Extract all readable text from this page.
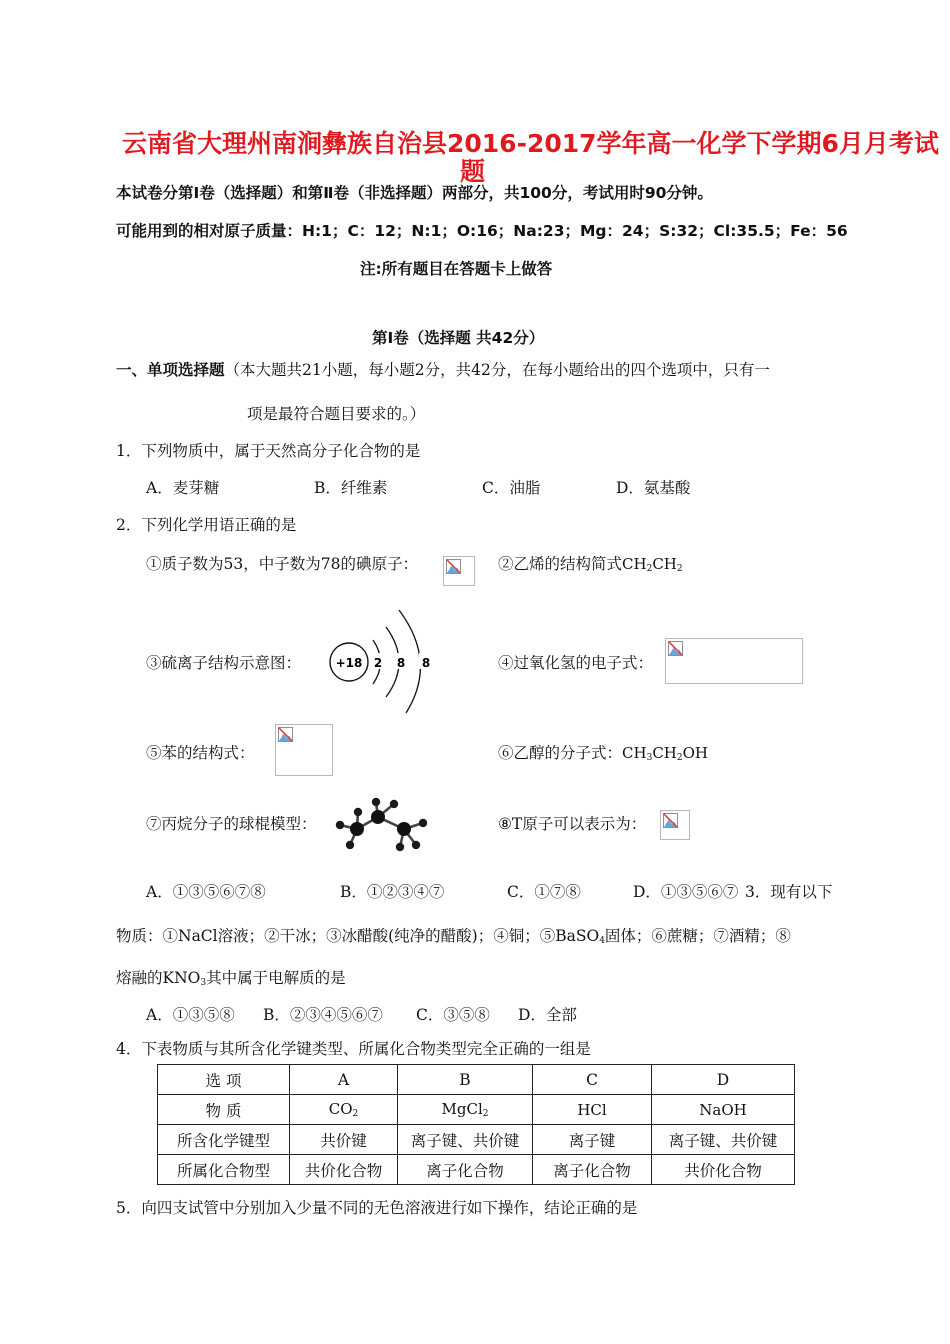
云南省大理州南涧彝族自治县2016-2017学年高一化学下学期6月月考试
题
本试卷分第Ⅰ卷（选择题）和第Ⅱ卷（非选择题）两部分，共100分，考试用时90分钟。
可能用到的相对原子质量：H:1；C：12；N:1；O:16；Na:23；Mg：24；S:32；Cl:35.5；Fe：56
注:所有题目在答题卡上做答
第Ⅰ卷（选择题 共42分）
一、单项选择题（本大题共21小题，每小题2分，共42分，在每小题给出的四个选项中，只有一
项是最符合题目要求的。）
1．下列物质中，属于天然高分子化合物的是
A．麦芽糖	B．纤维素	C．油脂	D．氨基酸
2．下列化学用语正确的是
①质子数为53，中子数为78的碘原子：	②乙烯的结构简式$CH_2CH_2$
③硫离子结构示意图：	+18 2 8 8	④过氧化氢的电子式：
⑤苯的结构式：	⑥乙醇的分子式：$CH_3CH_2OH$
⑦丙烷分子的球棍模型：	⑧T原子可以表示为：
A．①③⑤⑥⑦⑧	B．①②③④⑦	C．①⑦⑧	D．①③⑤⑥⑦ 3．现有以下
物质：①NaCl溶液；②干冰；③冰醋酸(纯净的醋酸)；④铜；⑤BaSO$_4$固体；⑥蔗糖；⑦酒精；⑧
熔融的$KNO_3$其中属于电解质的是
A．①③⑤⑧ B．②③④⑤⑥⑦ C．③⑤⑧ D．全部
4．下表物质与其所含化学键类型、所属化合物类型完全正确的一组是
选 项	A	B	C	D
物 质	$CO_2$	MgCl$_2$	HCl	NaOH
所含化学键型	共价键	离子键、共价键	离子键	离子键、共价键
所属化合物型	共价化合物	离子化合物	离子化合物	共价化合物
5．向四支试管中分别加入少量不同的无色溶液进行如下操作，结论正确的是
